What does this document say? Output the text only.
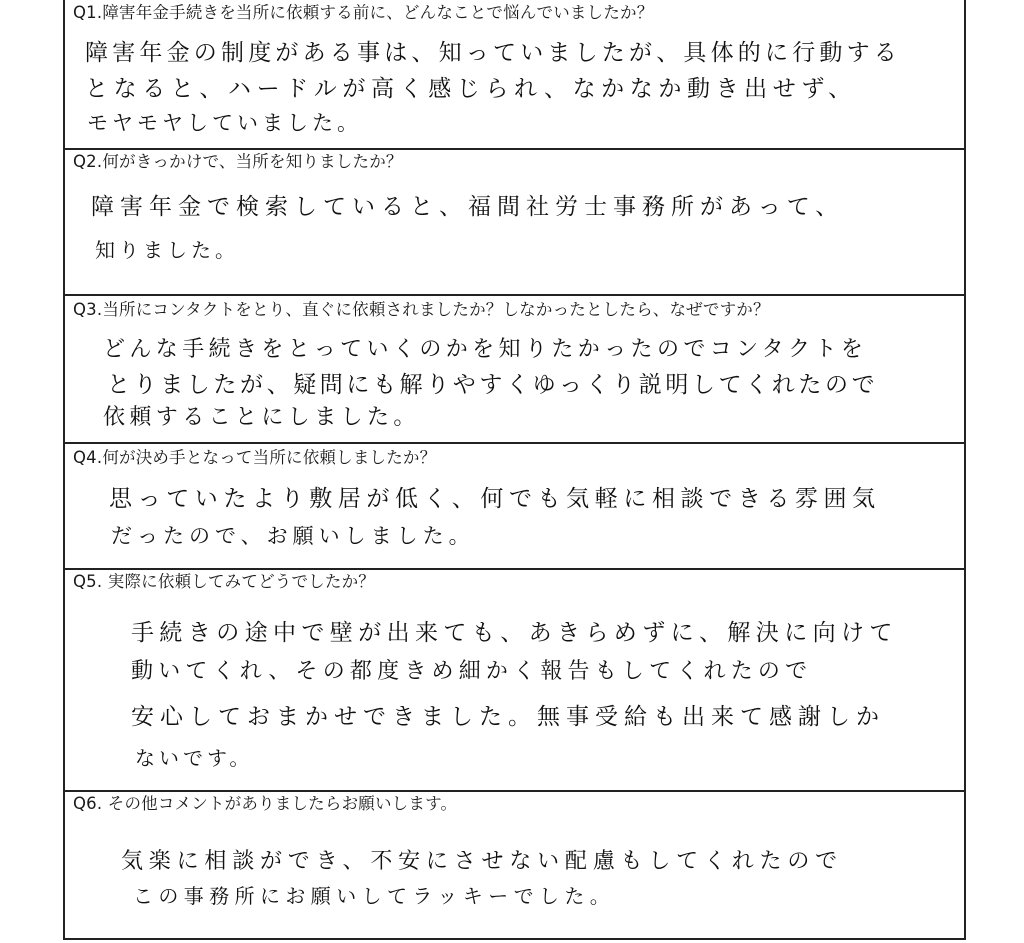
Q1.障害年金手続きを当所に依頼する前に、どんなことで悩んでいましたか？
障害年金の制度がある事は、知っていましたが、具体的に行動する
となると、ハードルが高く感じられ、なかなか動き出せず、
モヤモヤしていました。
Q2.何がきっかけで、当所を知りましたか？
障害年金で検索していると、福間社労士事務所があって、
知りました。
Q3.当所にコンタクトをとり、直ぐに依頼されましたか？しなかったとしたら、なぜですか？
どんな手続きをとっていくのかを知りたかったのでコンタクトを
とりましたが、疑問にも解りやすくゆっくり説明してくれたので
依頼することにしました。
Q4.何が決め手となって当所に依頼しましたか？
思っていたより敷居が低く、何でも気軽に相談できる雰囲気
だったので、お願いしました。
Q5. 実際に依頼してみてどうでしたか？
手続きの途中で壁が出来ても、あきらめずに、解決に向けて
動いてくれ、その都度きめ細かく報告もしてくれたので
安心しておまかせできました。無事受給も出来て感謝しか
ないです。
Q6. その他コメントがありましたらお願いします。
気楽に相談ができ、不安にさせない配慮もしてくれたので
この事務所にお願いしてラッキーでした。
